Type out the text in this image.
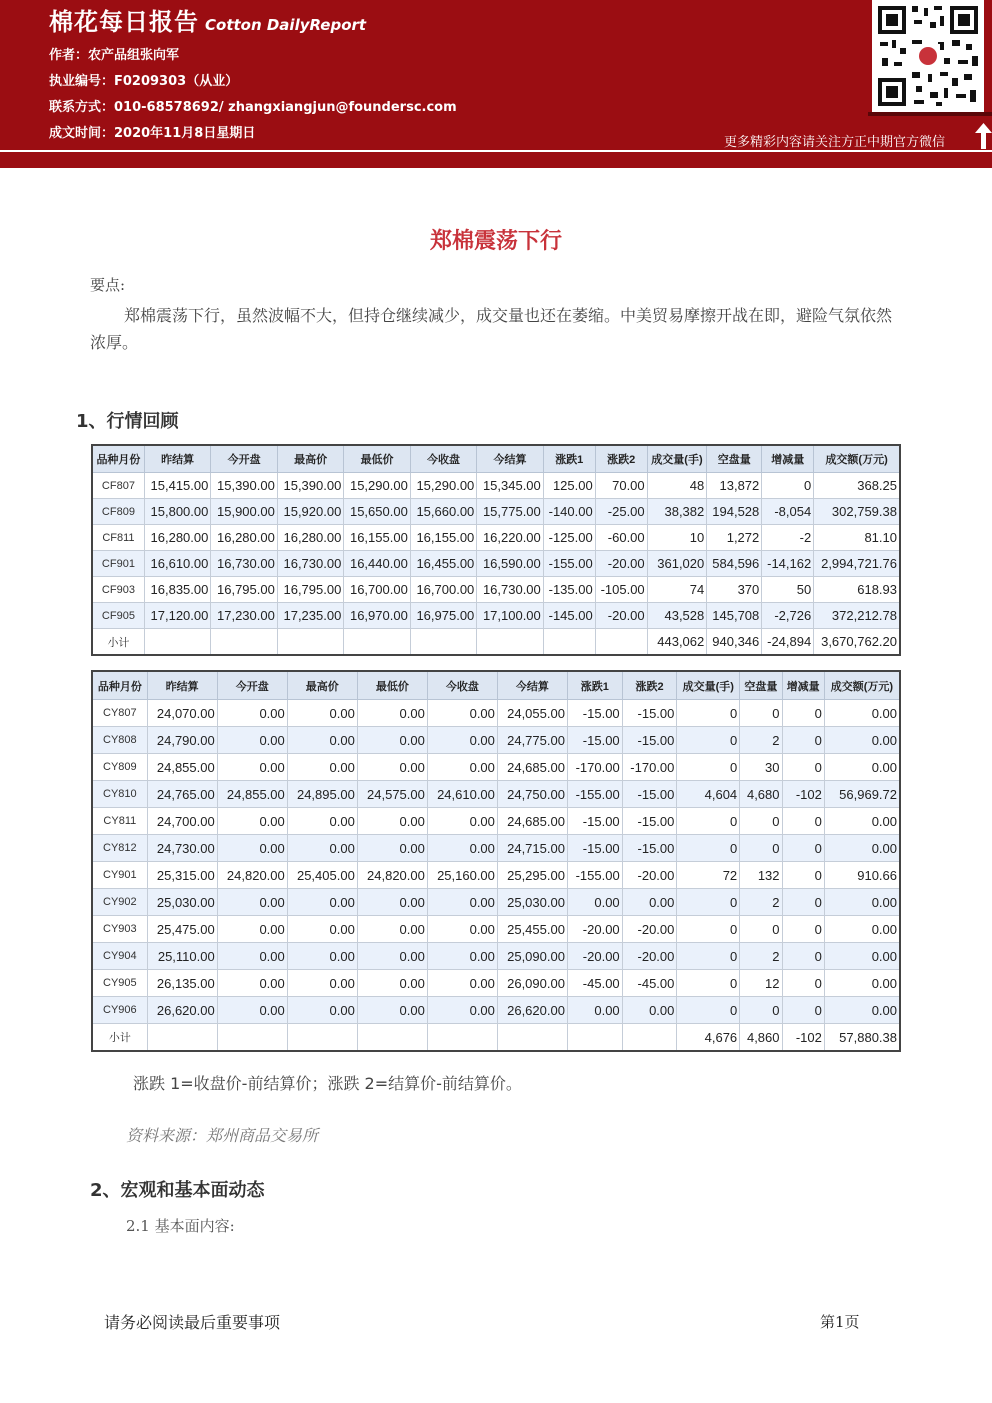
棉花每日报告 Cotton DailyReport
作者：农产品组张向军
执业编号：F0209303（从业）
联系方式：010-68578692/ zhangxiangjun@foundersc.com
成文时间：2020年11月8日星期日
更多精彩内容请关注方正中期官方微信
郑棉震荡下行
要点:
郑棉震荡下行，虽然波幅不大，但持仓继续减少，成交量也还在萎缩。中美贸易摩擦开战在即，避险气氛依然浓厚。
1、行情回顾
品种月份	昨结算	今开盘	最高价	最低价	今收盘	今结算	涨跌1	涨跌2	成交量(手)	空盘量	增减量	成交额(万元)
CF807	15,415.00	15,390.00	15,390.00	15,290.00	15,290.00	15,345.00	125.00	70.00	48	13,872	0	368.25
CF809	15,800.00	15,900.00	15,920.00	15,650.00	15,660.00	15,775.00	-140.00	-25.00	38,382	194,528	-8,054	302,759.38
CF811	16,280.00	16,280.00	16,280.00	16,155.00	16,155.00	16,220.00	-125.00	-60.00	10	1,272	-2	81.10
CF901	16,610.00	16,730.00	16,730.00	16,440.00	16,455.00	16,590.00	-155.00	-20.00	361,020	584,596	-14,162	2,994,721.76
CF903	16,835.00	16,795.00	16,795.00	16,700.00	16,700.00	16,730.00	-135.00	-105.00	74	370	50	618.93
CF905	17,120.00	17,230.00	17,235.00	16,970.00	16,975.00	17,100.00	-145.00	-20.00	43,528	145,708	-2,726	372,212.78
小计									443,062	940,346	-24,894	3,670,762.20
品种月份	昨结算	今开盘	最高价	最低价	今收盘	今结算	涨跌1	涨跌2	成交量(手)	空盘量	增减量	成交额(万元)
CY807	24,070.00	0.00	0.00	0.00	0.00	24,055.00	-15.00	-15.00	0	0	0	0.00
CY808	24,790.00	0.00	0.00	0.00	0.00	24,775.00	-15.00	-15.00	0	2	0	0.00
CY809	24,855.00	0.00	0.00	0.00	0.00	24,685.00	-170.00	-170.00	0	30	0	0.00
CY810	24,765.00	24,855.00	24,895.00	24,575.00	24,610.00	24,750.00	-155.00	-15.00	4,604	4,680	-102	56,969.72
CY811	24,700.00	0.00	0.00	0.00	0.00	24,685.00	-15.00	-15.00	0	0	0	0.00
CY812	24,730.00	0.00	0.00	0.00	0.00	24,715.00	-15.00	-15.00	0	0	0	0.00
CY901	25,315.00	24,820.00	25,405.00	24,820.00	25,160.00	25,295.00	-155.00	-20.00	72	132	0	910.66
CY902	25,030.00	0.00	0.00	0.00	0.00	25,030.00	0.00	0.00	0	2	0	0.00
CY903	25,475.00	0.00	0.00	0.00	0.00	25,455.00	-20.00	-20.00	0	0	0	0.00
CY904	25,110.00	0.00	0.00	0.00	0.00	25,090.00	-20.00	-20.00	0	2	0	0.00
CY905	26,135.00	0.00	0.00	0.00	0.00	26,090.00	-45.00	-45.00	0	12	0	0.00
CY906	26,620.00	0.00	0.00	0.00	0.00	26,620.00	0.00	0.00	0	0	0	0.00
小计									4,676	4,860	-102	57,880.38
涨跌 1=收盘价-前结算价；涨跌 2=结算价-前结算价。
资料来源：郑州商品交易所
2、宏观和基本面动态
2.1 基本面内容:
请务必阅读最后重要事项	第1页
